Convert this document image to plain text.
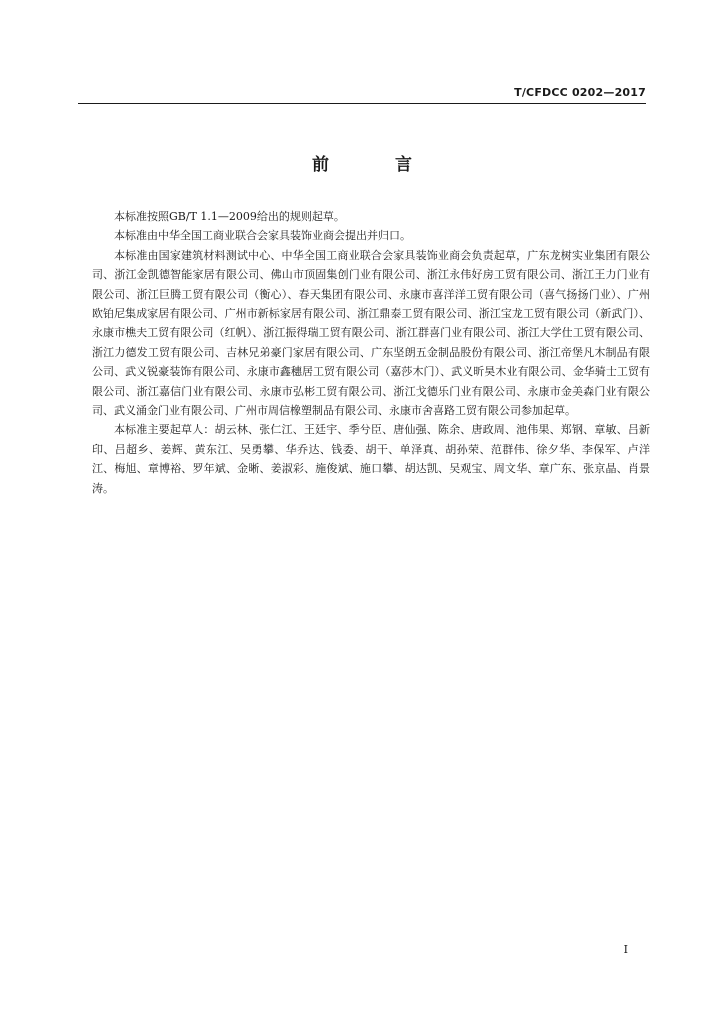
T/CFDCC 0202—2017
前 言

本标准按照GB/T 1.1—2009给出的规则起草。

本标准由中华全国工商业联合会家具装饰业商会提出并归口。

本标准由国家建筑材料测试中心、中华全国工商业联合会家具装饰业商会负责起草，广东龙树实业集团有限公司、浙江金凯德智能家居有限公司、佛山市顶固集创门业有限公司、浙江永伟好房工贸有限公司、浙江王力门业有限公司、浙江巨腾工贸有限公司（衡心）、春天集团有限公司、永康市喜洋洋工贸有限公司（喜气扬扬门业）、广州欧铂尼集成家居有限公司、广州市新标家居有限公司、浙江鼎泰工贸有限公司、浙江宝龙工贸有限公司（新武门）、永康市樵夫工贸有限公司（红帆）、浙江振得瑞工贸有限公司、浙江群喜门业有限公司、浙江大学仕工贸有限公司、浙江力德发工贸有限公司、吉林兄弟豪门家居有限公司、广东坚朗五金制品股份有限公司、浙江帝堡凡木制品有限公司、武义锐豪装饰有限公司、永康市鑫穗居工贸有限公司（嘉莎木门）、武义昕昊木业有限公司、金华骑士工贸有限公司、浙江嘉信门业有限公司、永康市弘彬工贸有限公司、浙江戈德乐门业有限公司、永康市金美森门业有限公司、武义涌金门业有限公司、广州市周信橡塑制品有限公司、永康市舍喜路工贸有限公司参加起草。

本标准主要起草人：胡云林、张仁江、王廷宇、季兮臣、唐仙强、陈余、唐政周、池伟果、郑钢、章敏、吕新印、吕超乡、姜辉、黄东江、吴勇攀、华乔达、钱委、胡干、单泽真、胡孙荣、范群伟、徐夕华、李保军、卢洋江、梅旭、章博裕、罗年斌、金晰、姜淑彩、施俊斌、施口攀、胡达凯、吴观宝、周文华、章广东、张京晶、肖景涛。

I
